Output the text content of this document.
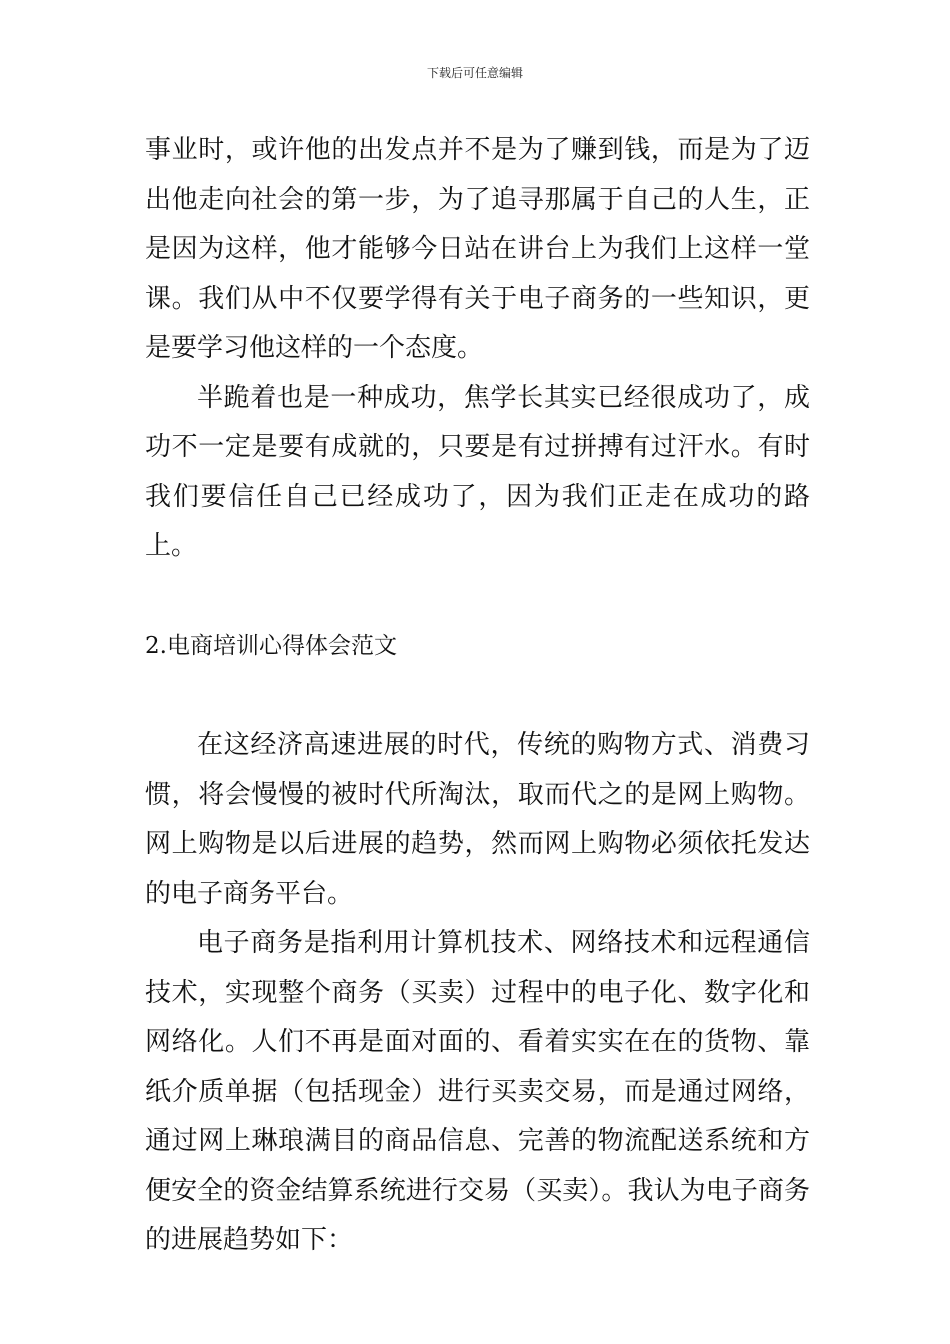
下载后可任意编辑

事业时，或许他的出发点并不是为了赚到钱，而是为了迈出他走向社会的第一步，为了追寻那属于自己的人生，正是因为这样，他才能够今日站在讲台上为我们上这样一堂课。我们从中不仅要学得有关于电子商务的一些知识，更是要学习他这样的一个态度。

半跪着也是一种成功，焦学长其实已经很成功了，成功不一定是要有成就的，只要是有过拼搏有过汗水。有时我们要信任自己已经成功了，因为我们正走在成功的路上。

2.电商培训心得体会范文

在这经济高速进展的时代，传统的购物方式、消费习惯，将会慢慢的被时代所淘汰，取而代之的是网上购物。网上购物是以后进展的趋势，然而网上购物必须依托发达的电子商务平台。

电子商务是指利用计算机技术、网络技术和远程通信技术，实现整个商务（买卖）过程中的电子化、数字化和网络化。人们不再是面对面的、看着实实在在的货物、靠纸介质单据（包括现金）进行买卖交易，而是通过网络，通过网上琳琅满目的商品信息、完善的物流配送系统和方便安全的资金结算系统进行交易（买卖）。我认为电子商务的进展趋势如下：
